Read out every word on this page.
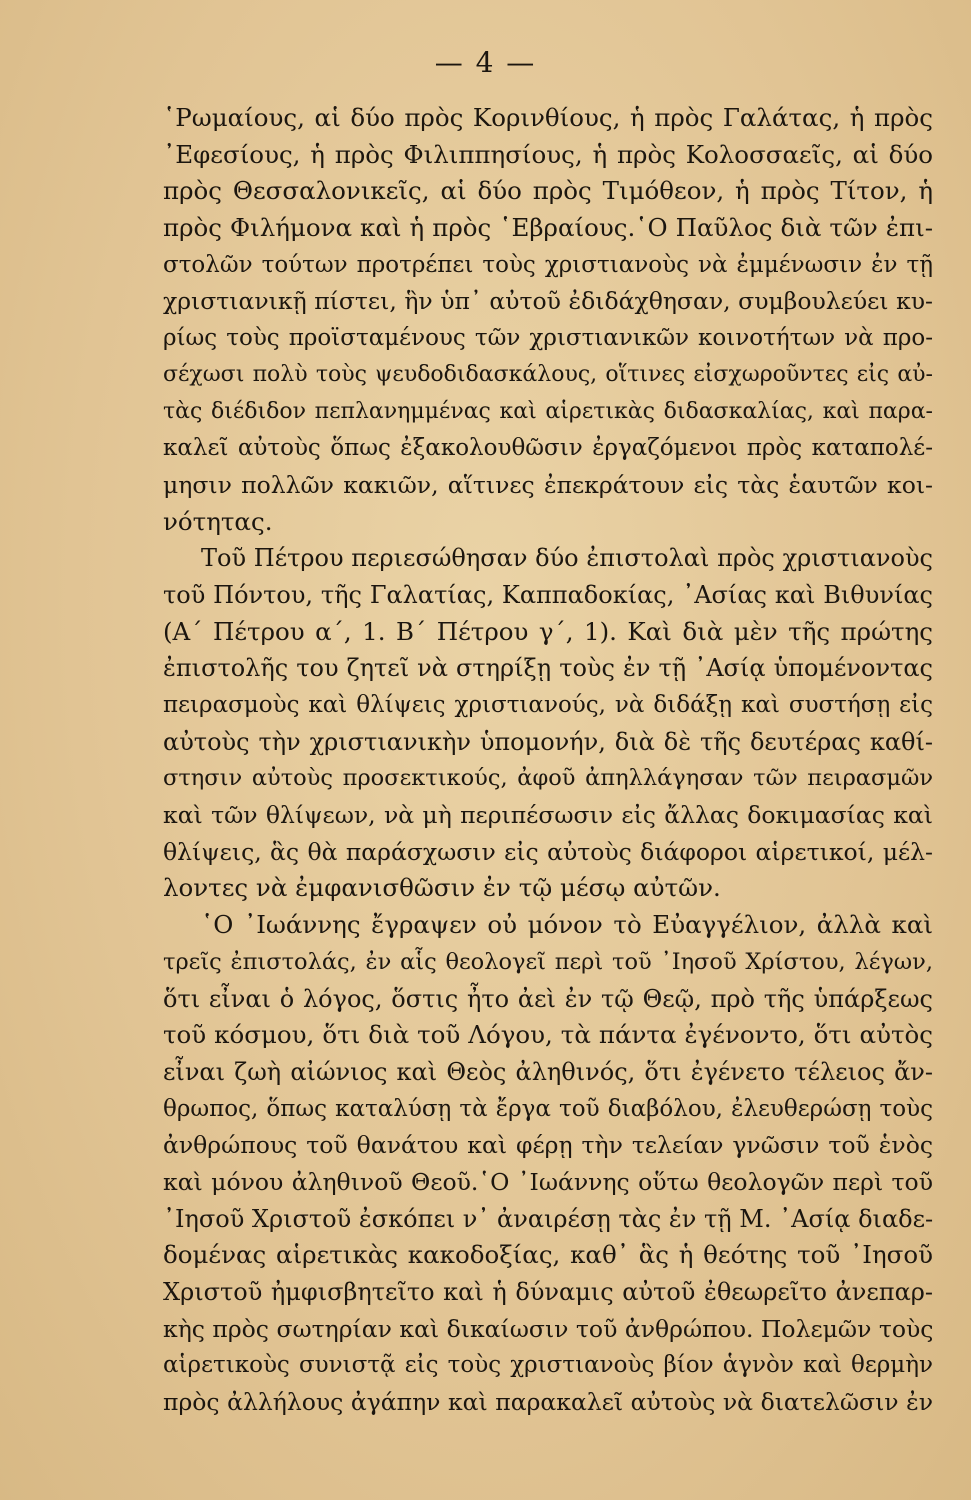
— 4 —
῾Ρωμαίους, αἱ δύο πρὸς Κορινθίους, ἡ πρὸς Γαλάτας, ἡ πρὸς
᾿Εφεσίους, ἡ πρὸς Φιλιππησίους, ἡ πρὸς Κολοσσαεῖς, αἱ δύο
πρὸς Θεσσαλονικεῖς, αἱ δύο πρὸς Τιμόθεον, ἡ πρὸς Τίτον, ἡ
πρὸς Φιλήμονα καὶ ἡ πρὸς ῾Εβραίους.῾Ο Παῦλος διὰ τῶν ἐπι-
στολῶν τούτων προτρέπει τοὺς χριστιανοὺς νὰ ἐμμένωσιν ἐν τῇ
χριστιανικῇ πίστει, ἣν ὑπ᾿ αὐτοῦ ἐδιδάχθησαν, συμβουλεύει κυ-
ρίως τοὺς προϊσταμένους τῶν χριστιανικῶν κοινοτήτων νὰ προ-
σέχωσι πολὺ τοὺς ψευδοδιδασκάλους, οἵτινες εἰσχωροῦντες εἰς αὐ-
τὰς διέδιδον πεπλανημμένας καὶ αἱρετικὰς διδασκαλίας, καὶ παρα-
καλεῖ αὐτοὺς ὅπως ἐξακολουθῶσιν ἐργαζόμενοι πρὸς καταπολέ-
μησιν πολλῶν κακιῶν, αἵτινες ἐπεκράτουν εἰς τὰς ἑαυτῶν κοι-
νότητας.
Τοῦ Πέτρου περιεσώθησαν δύο ἐπιστολαὶ πρὸς χριστιανοὺς
τοῦ Πόντου, τῆς Γαλατίας, Καππαδοκίας, ᾿Ασίας καὶ Βιθυνίας
(Α΄ Πέτρου α΄, 1. Β΄ Πέτρου γ΄, 1). Καὶ διὰ μὲν τῆς πρώτης
ἐπιστολῆς του ζητεῖ νὰ στηρίξῃ τοὺς ἐν τῇ ᾿Ασίᾳ ὑπομένοντας
πειρασμοὺς καὶ θλίψεις χριστιανούς, νὰ διδάξῃ καὶ συστήσῃ εἰς
αὐτοὺς τὴν χριστιανικὴν ὑπομονήν, διὰ δὲ τῆς δευτέρας καθί-
στησιν αὐτοὺς προσεκτικούς, ἀφοῦ ἀπηλλάγησαν τῶν πειρασμῶν
καὶ τῶν θλίψεων, νὰ μὴ περιπέσωσιν εἰς ἄλλας δοκιμασίας καὶ
θλίψεις, ἃς θὰ παράσχωσιν εἰς αὐτοὺς διάφοροι αἱρετικοί, μέλ-
λοντες νὰ ἐμφανισθῶσιν ἐν τῷ μέσῳ αὐτῶν.
῾Ο ᾿Ιωάννης ἔγραψεν οὐ μόνον τὸ Εὐαγγέλιον, ἀλλὰ καὶ
τρεῖς ἐπιστολάς, ἐν αἷς θεολογεῖ περὶ τοῦ ᾿Ιησοῦ Χρίστου, λέγων,
ὅτι εἶναι ὁ λόγος, ὅστις ἦτο ἀεὶ ἐν τῷ Θεῷ, πρὸ τῆς ὑπάρξεως
τοῦ κόσμου, ὅτι διὰ τοῦ Λόγου, τὰ πάντα ἐγένοντο, ὅτι αὐτὸς
εἶναι ζωὴ αἰώνιος καὶ Θεὸς ἀληθινός, ὅτι ἐγένετο τέλειος ἄν-
θρωπος, ὅπως καταλύσῃ τὰ ἔργα τοῦ διαβόλου, ἐλευθερώσῃ τοὺς
ἀνθρώπους τοῦ θανάτου καὶ φέρῃ τὴν τελείαν γνῶσιν τοῦ ἑνὸς
καὶ μόνου ἀληθινοῦ Θεοῦ.῾Ο ᾿Ιωάννης οὕτω θεολογῶν περὶ τοῦ
᾿Ιησοῦ Χριστοῦ ἐσκόπει ν᾿ ἀναιρέσῃ τὰς ἐν τῇ Μ. ᾿Ασίᾳ διαδε-
δομένας αἱρετικὰς κακοδοξίας, καθ᾿ ἃς ἡ θεότης τοῦ ᾿Ιησοῦ
Χριστοῦ ἠμφισβητεῖτο καὶ ἡ δύναμις αὐτοῦ ἐθεωρεῖτο ἀνεπαρ-
κὴς πρὸς σωτηρίαν καὶ δικαίωσιν τοῦ ἀνθρώπου. Πολεμῶν τοὺς
αἱρετικοὺς συνιστᾷ εἰς τοὺς χριστιανοὺς βίον ἁγνὸν καὶ θερμὴν
πρὸς ἀλλήλους ἀγάπην καὶ παρακαλεῖ αὐτοὺς νὰ διατελῶσιν ἐν
